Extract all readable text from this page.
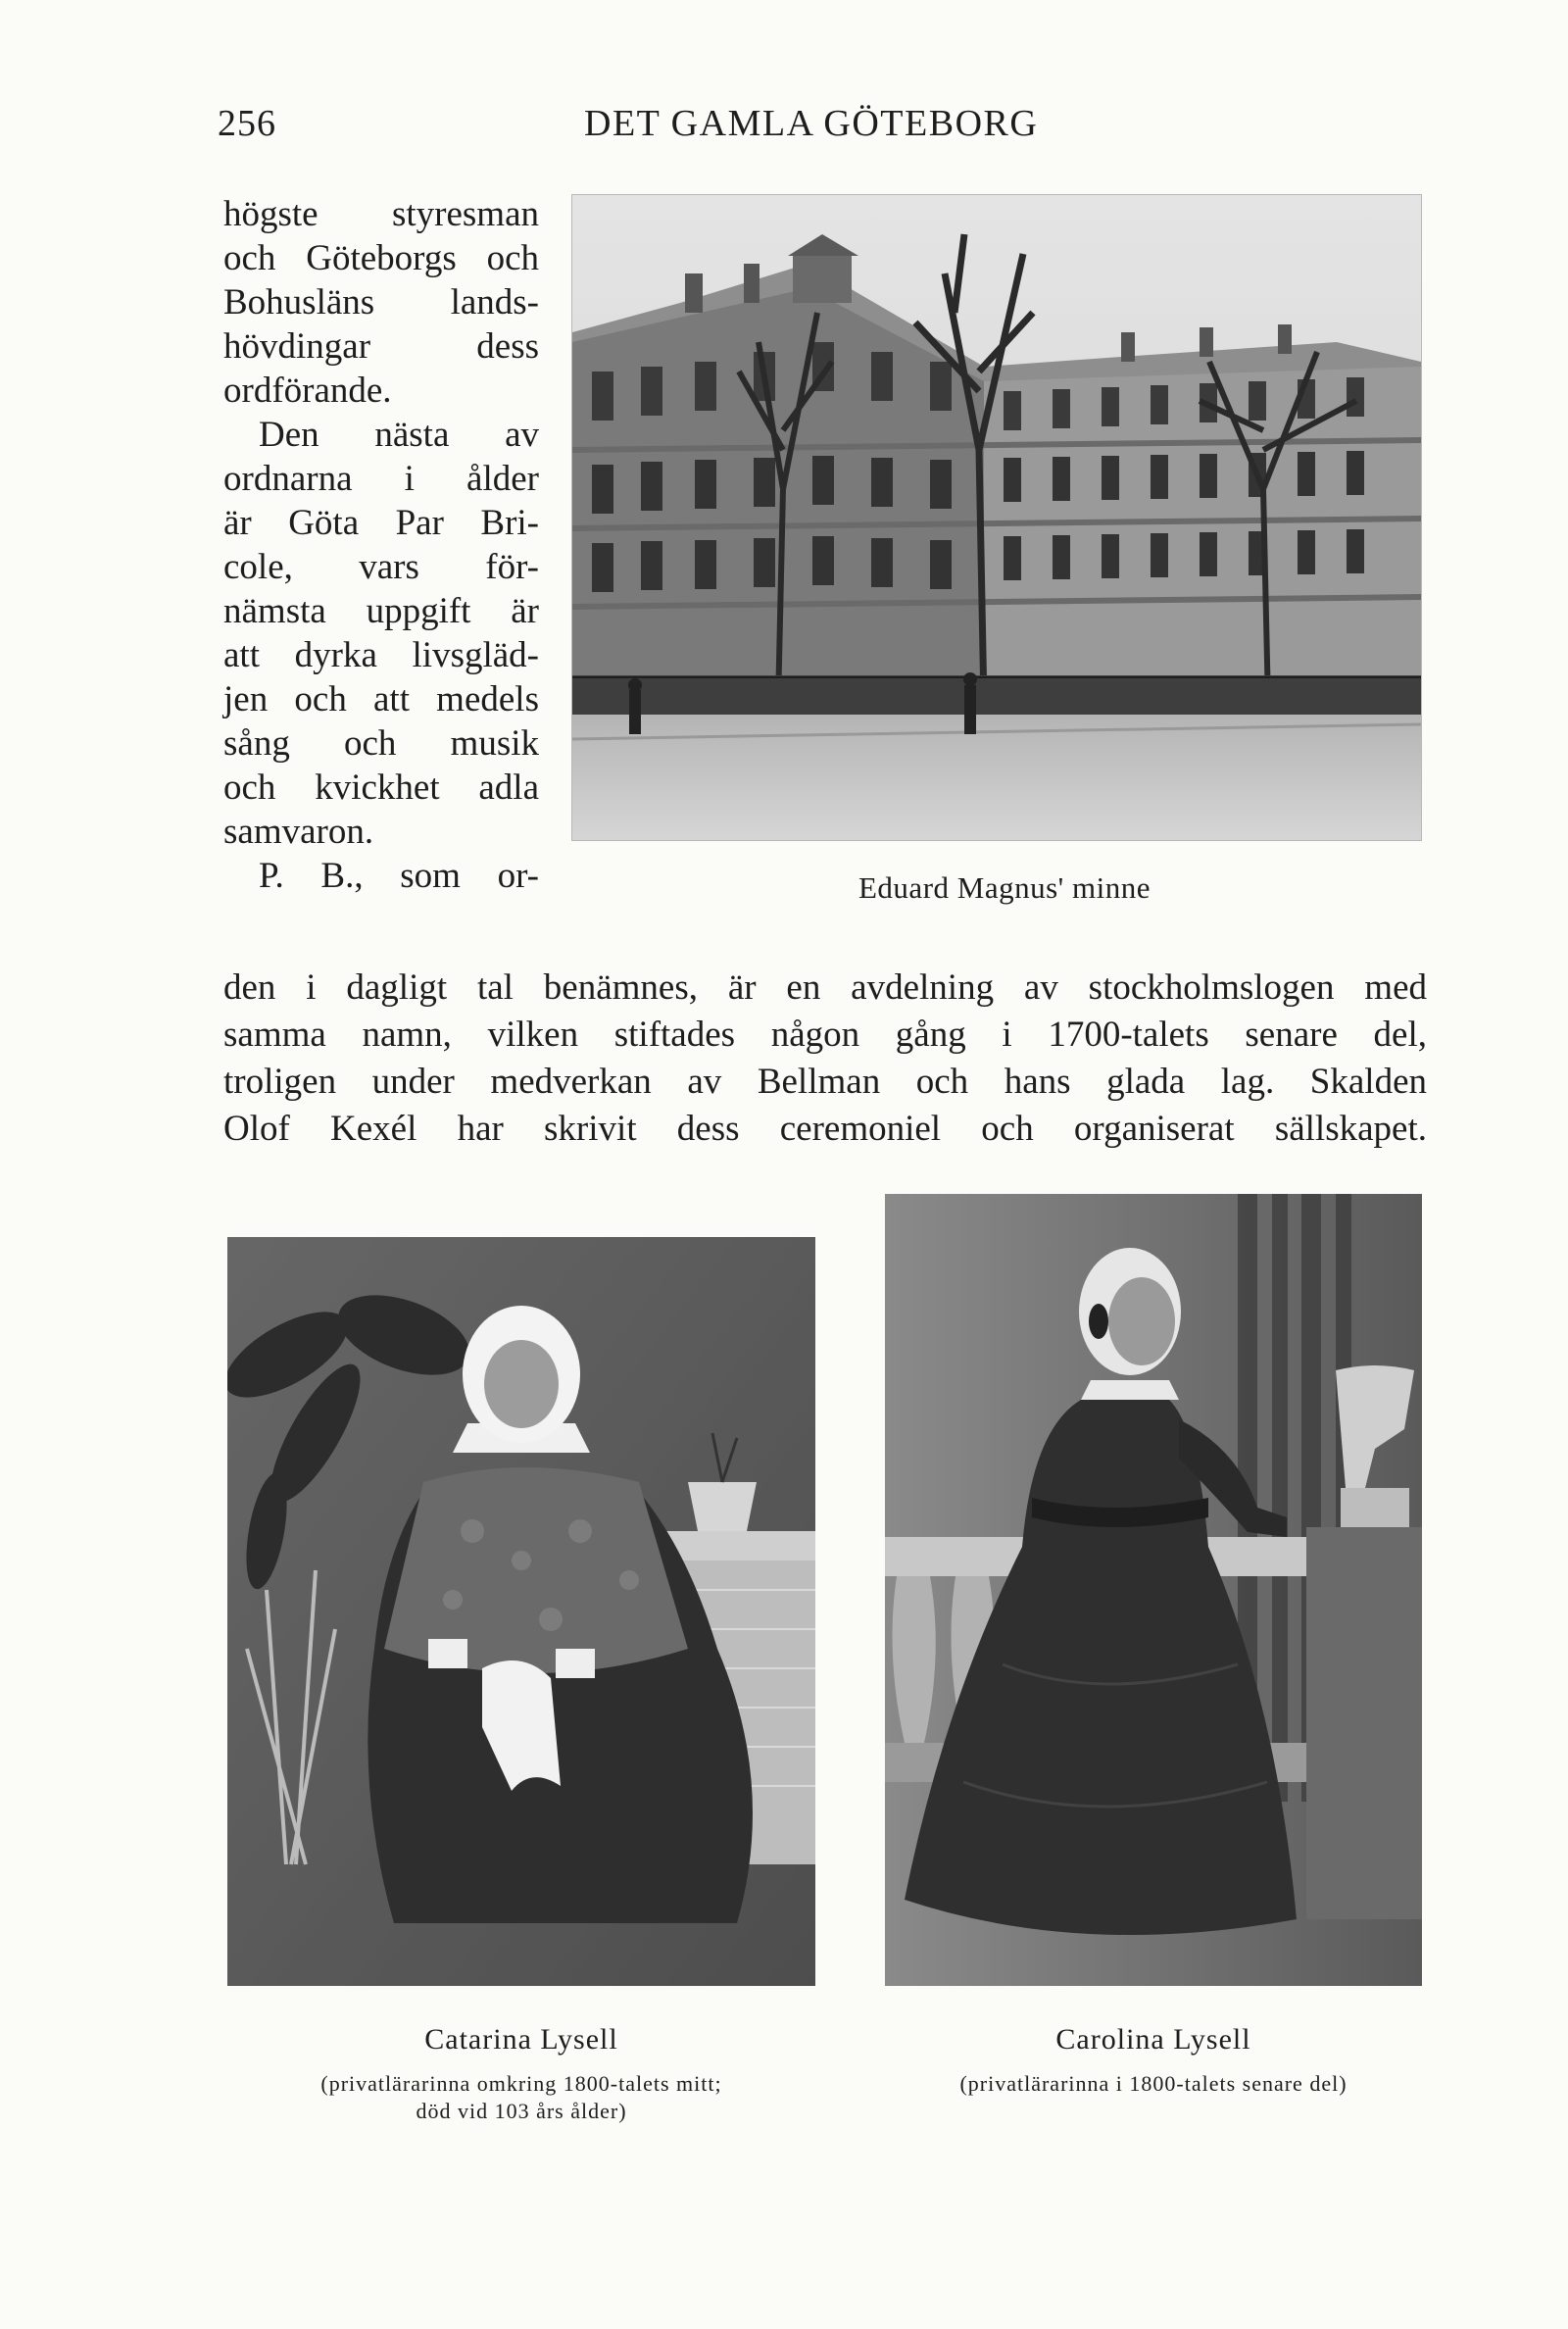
256	DET GAMLA GÖTEBORG
högste styresman
och Göteborgs och
Bohusläns lands-
hövdingar dess
ordförande.
Den nästa av
ordnarna i ålder
är Göta Par Bri-
cole, vars för-
nämsta uppgift är
att dyrka livsgläd-
jen och att medels
sång och musik
och kvickhet adla
samvaron.
P. B., som or-	Eduard Magnus' minne
den i dagligt tal benämnes, är en avdelning av stockholmslogen med
samma namn, vilken stiftades någon gång i 1700-talets senare del,
troligen under medverkan av Bellman och hans glada lag. Skalden
Olof Kexél har skrivit dess ceremoniel och organiserat sällskapet.
Catarina Lysell
(privatlärarinna omkring 1800-talets mitt;
död vid 103 års ålder)
Carolina Lysell
(privatlärarinna i 1800-talets senare del)
